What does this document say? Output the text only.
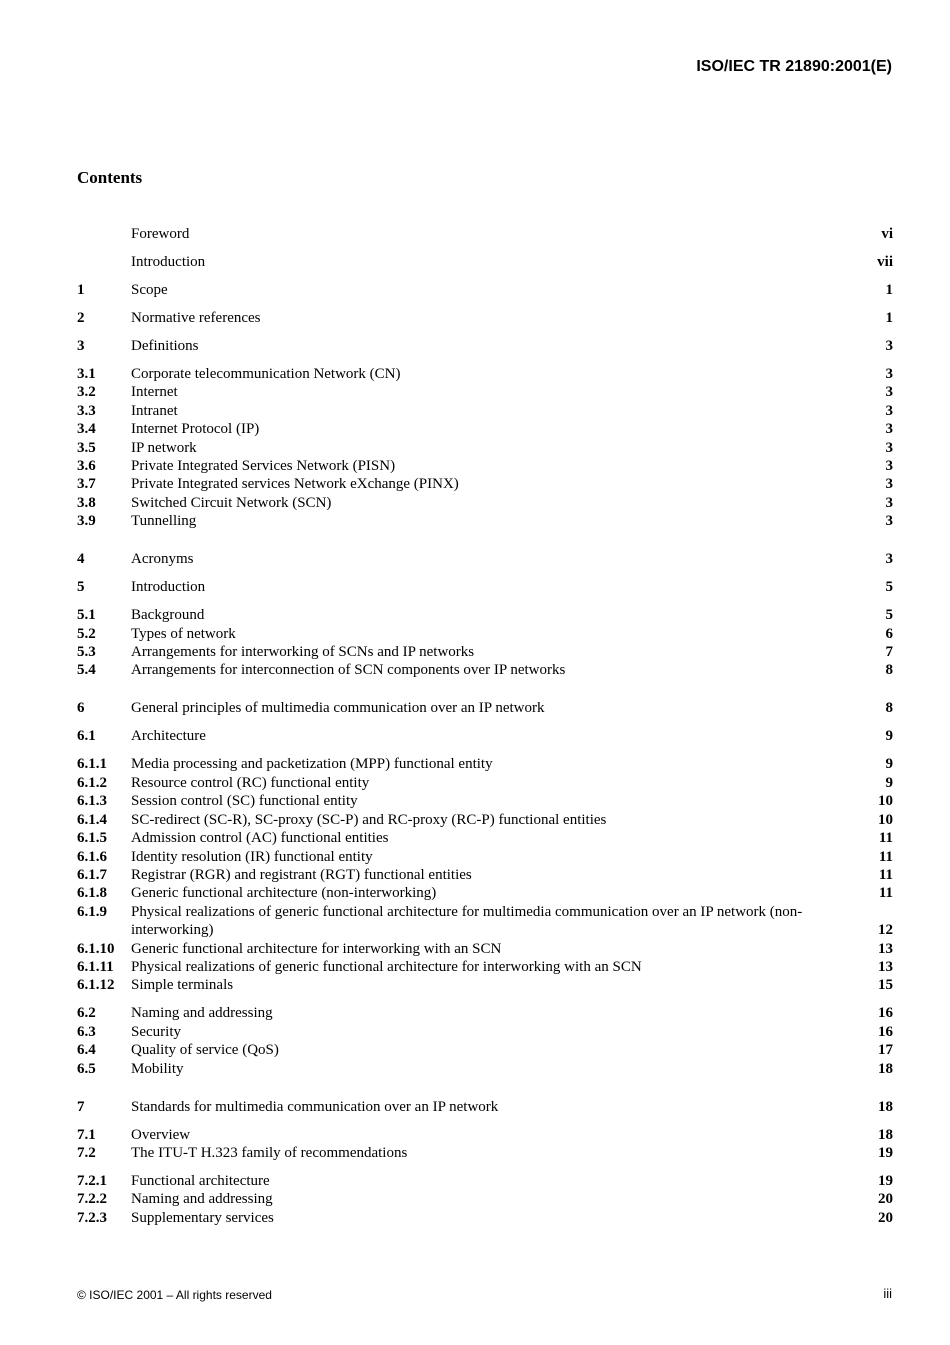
ISO/IEC TR 21890:2001(E)
Contents
Foreword	vi
Introduction	vii
1	Scope	1
2	Normative references	1
3	Definitions	3
3.1	Corporate telecommunication Network (CN)	3
3.2	Internet	3
3.3	Intranet	3
3.4	Internet Protocol (IP)	3
3.5	IP network	3
3.6	Private Integrated Services Network (PISN)	3
3.7	Private Integrated services Network eXchange (PINX)	3
3.8	Switched Circuit Network (SCN)	3
3.9	Tunnelling	3
4	Acronyms	3
5	Introduction	5
5.1	Background	5
5.2	Types of network	6
5.3	Arrangements for interworking of SCNs and IP networks	7
5.4	Arrangements for interconnection of SCN components over IP networks	8
6	General principles of multimedia communication over an IP network	8
6.1	Architecture	9
6.1.1	Media processing and packetization (MPP) functional entity	9
6.1.2	Resource control (RC) functional entity	9
6.1.3	Session control (SC) functional entity	10
6.1.4	SC-redirect (SC-R), SC-proxy (SC-P) and RC-proxy (RC-P) functional entities	10
6.1.5	Admission control (AC) functional entities	11
6.1.6	Identity resolution (IR) functional entity	11
6.1.7	Registrar (RGR) and registrant (RGT) functional entities	11
6.1.8	Generic functional architecture (non-interworking)	11
6.1.9	Physical realizations of generic functional architecture for multimedia communication over an IP network (non-interworking)	12
6.1.10	Generic functional architecture for interworking with an SCN	13
6.1.11	Physical realizations of generic functional architecture for interworking with an SCN	13
6.1.12	Simple terminals	15
6.2	Naming and addressing	16
6.3	Security	16
6.4	Quality of service (QoS)	17
6.5	Mobility	18
7	Standards for multimedia communication over an IP network	18
7.1	Overview	18
7.2	The ITU-T H.323 family of recommendations	19
7.2.1	Functional architecture	19
7.2.2	Naming and addressing	20
7.2.3	Supplementary services	20
© ISO/IEC 2001 – All rights reserved	iii
